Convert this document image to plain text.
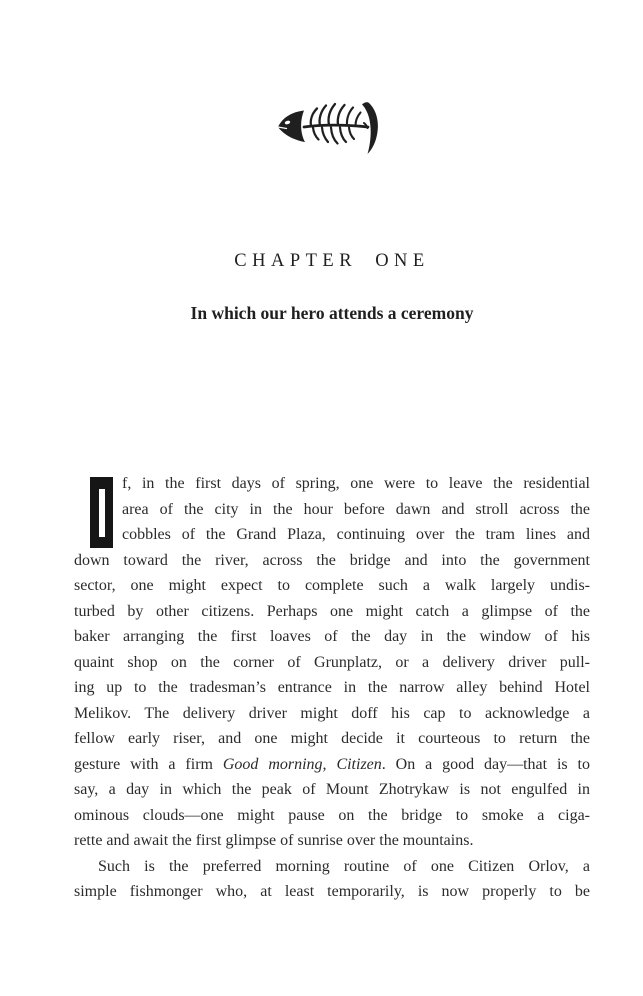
CHAPTER ONE
In which our hero attends a ceremony
f, in the first days of spring, one were to leave the residential
area of the city in the hour before dawn and stroll across the
cobbles of the Grand Plaza, continuing over the tram lines and
down toward the river, across the bridge and into the government
sector, one might expect to complete such a walk largely undis-
turbed by other citizens. Perhaps one might catch a glimpse of the
baker arranging the first loaves of the day in the window of his
quaint shop on the corner of Grunplatz, or a delivery driver pull-
ing up to the tradesman’s entrance in the narrow alley behind Hotel
Melikov. The delivery driver might doff his cap to acknowledge a
fellow early riser, and one might decide it courteous to return the
gesture with a firm Good morning, Citizen. On a good day—that is to
say, a day in which the peak of Mount Zhotrykaw is not engulfed in
ominous clouds—one might pause on the bridge to smoke a ciga-
rette and await the first glimpse of sunrise over the mountains.
Such is the preferred morning routine of one Citizen Orlov, a
simple fishmonger who, at least temporarily, is now properly to be
